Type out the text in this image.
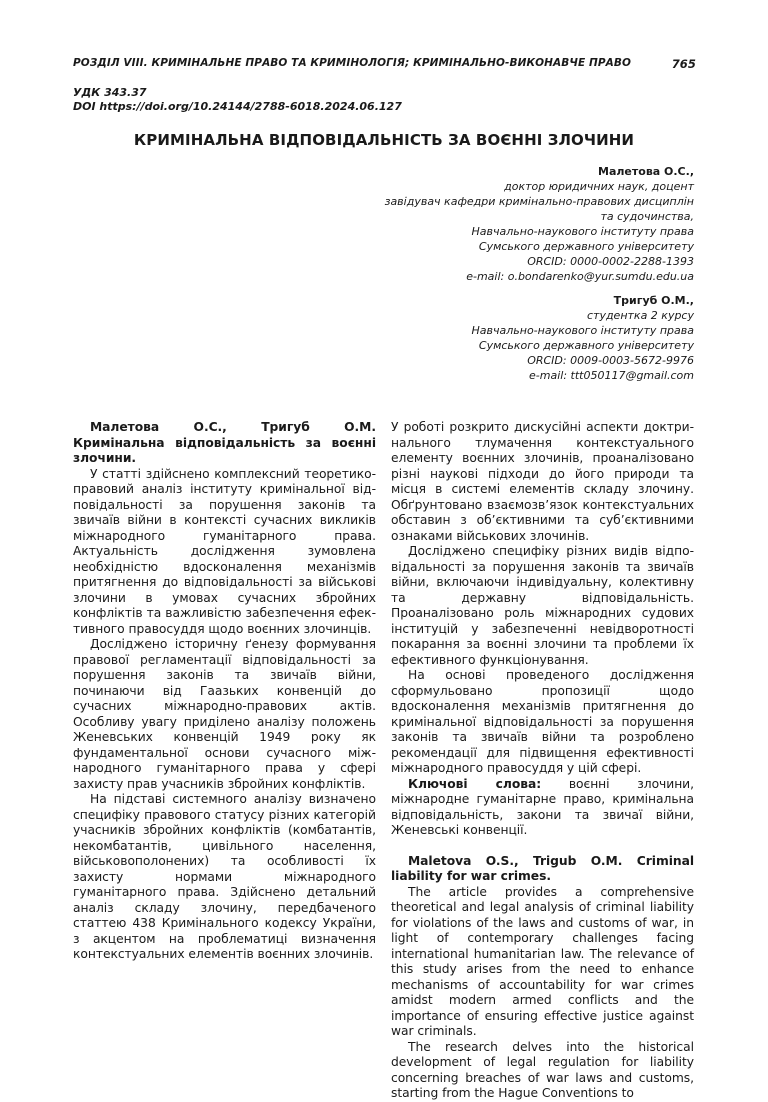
РОЗДІЛ VIII. КРИМІНАЛЬНЕ ПРАВО ТА КРИМІНОЛОГІЯ; КРИМІНАЛЬНО-ВИКОНАВЧЕ ПРАВО	765
УДК 343.37
DOI https://doi.org/10.24144/2788-6018.2024.06.127
КРИМІНАЛЬНА ВІДПОВІДАЛЬНІСТЬ ЗА ВОЄННІ ЗЛОЧИНИ
Малетова О.С.,
доктор юридичних наук, доцент
завідувач кафедри кримінально-правових дисциплін
та судочинства,
Навчально-наукового інституту права
Сумського державного університету
ORCID: 0000-0002-2288-1393
e-mail: o.bondarenko@yur.sumdu.edu.ua
Тригуб О.М.,
студентка 2 курсу
Навчально-наукового інституту права
Сумського державного університету
ORCID: 0009-0003-5672-9976
e-mail: ttt050117@gmail.com

Малетова О.С., Тригуб О.М. Кримінальна відповідальність за воєнні злочини.

У статті здійснено комплексний теоретико-правовий аналіз інституту кримінальної відповідальності за порушення законів та звичаїв війни в контексті сучасних викликів міжнародного гуманітарного права. Актуальність дослідження зумовлена необхідністю вдосконалення механізмів притягнення до відповідальності за військові злочини в умовах сучасних збройних конфліктів та важливістю забезпечення ефективного правосуддя щодо воєнних злочинців.

Досліджено історичну ґенезу формування правової регламентації відповідальності за порушення законів та звичаїв війни, починаючи від Гаазьких конвенцій до сучасних міжнародно-правових актів. Особливу увагу приділено аналізу положень Женевських конвенцій 1949 року як фундаментальної основи сучасного міжнародного гуманітарного права у сфері захисту прав учасників збройних конфліктів.

На підставі системного аналізу визначено специфіку правового статусу різних категорій учасників збройних конфліктів (комбатантів, некомбатантів, цивільного населення, військовополонених) та особливості їх захисту нормами міжнародного гуманітарного права. Здійснено детальний аналіз складу злочину, передбаченого статтею 438 Кримінального кодексу України, з акцентом на проблематиці визначення контекстуальних елементів воєнних злочинів.

У роботі розкрито дискусійні аспекти доктринального тлумачення контекстуального елементу воєнних злочинів, проаналізовано різні наукові підходи до його природи та місця в системі елементів складу злочину. Обґрунтовано взаємозв’язок контекстуальних обставин з об’єктивними та суб’єктивними ознаками військових злочинів.

Досліджено специфіку різних видів відповідальності за порушення законів та звичаїв війни, включаючи індивідуальну, колективну та державну відповідальність. Проаналізовано роль міжнародних судових інституцій у забезпеченні невідворотності покарання за воєнні злочини та проблеми їх ефективного функціонування.

На основі проведеного дослідження сформульовано пропозиції щодо вдосконалення механізмів притягнення до кримінальної відповідальності за порушення законів та звичаїв війни та розроблено рекомендації для підвищення ефективності міжнародного правосуддя у цій сфері.

Ключові слова: воєнні злочини, міжнародне гуманітарне право, кримінальна відповідальність, закони та звичаї війни, Женевські конвенції.

Maletova O.S., Trigub O.M. Criminal liability for war crimes.

The article provides a comprehensive theoretical and legal analysis of criminal liability for violations of the laws and customs of war, in light of contemporary challenges facing international humanitarian law. The relevance of this study arises from the need to enhance mechanisms of accountability for war crimes amidst modern armed conflicts and the importance of ensuring effective justice against war criminals.

The research delves into the historical development of legal regulation for liability concerning breaches of war laws and customs, starting from the Hague Conventions to
